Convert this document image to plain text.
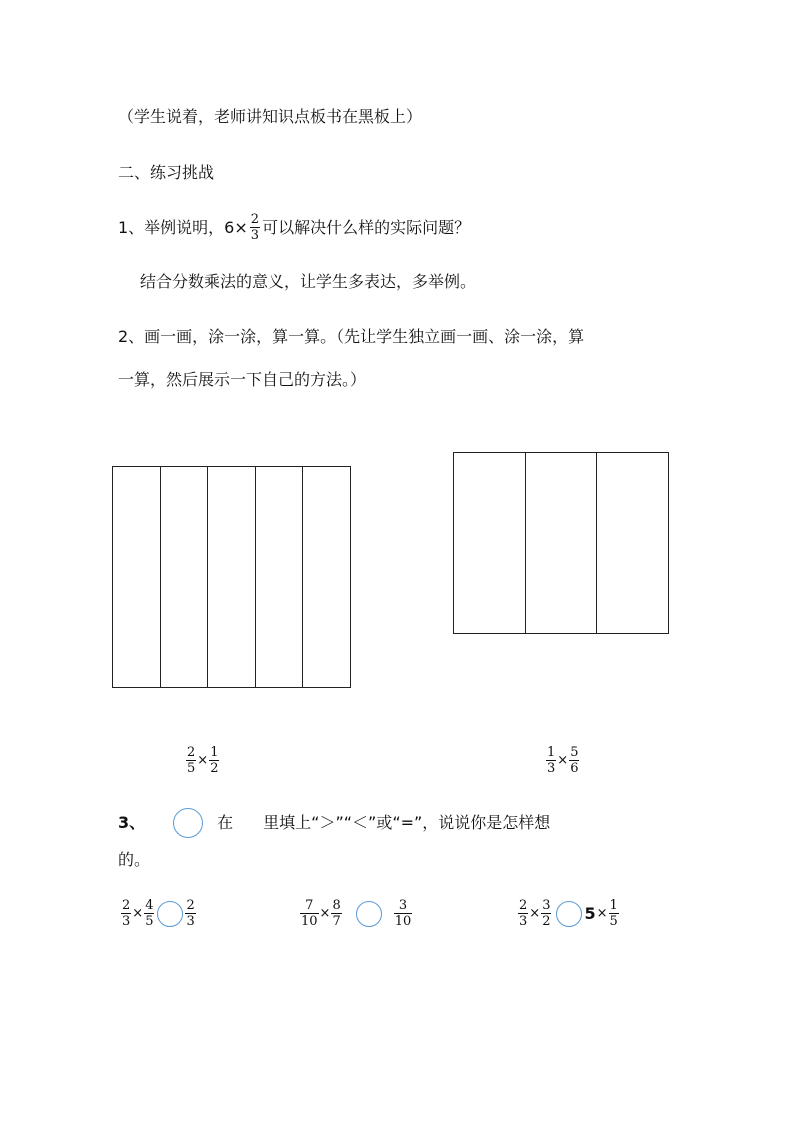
（学生说着，老师讲知识点板书在黑板上）
二、练习挑战
1、举例说明，$6\times \frac{2}{3}$ 可以解决什么样的实际问题？
结合分数乘法的意义，让学生多表达，多举例。
2、画一画，涂一涂，算一算。（先让学生独立画一画、涂一涂，算
一算，然后展示一下自己的方法。）
$\frac{2}{5} \times \frac{1}{2}$	$\frac{1}{3} \times \frac{5}{6}$
3、	在 里填上“＞”“＜”或“=”，说说你是怎样想
的。
$\frac{2}{3} \times \frac{4}{5} \frac{2}{3}$	$\frac{7}{10} \times \frac{8}{7}$	$\frac{3}{10}$	$\frac{2}{3} \times \frac{3}{2} 5 \times \frac{1}{5}$
